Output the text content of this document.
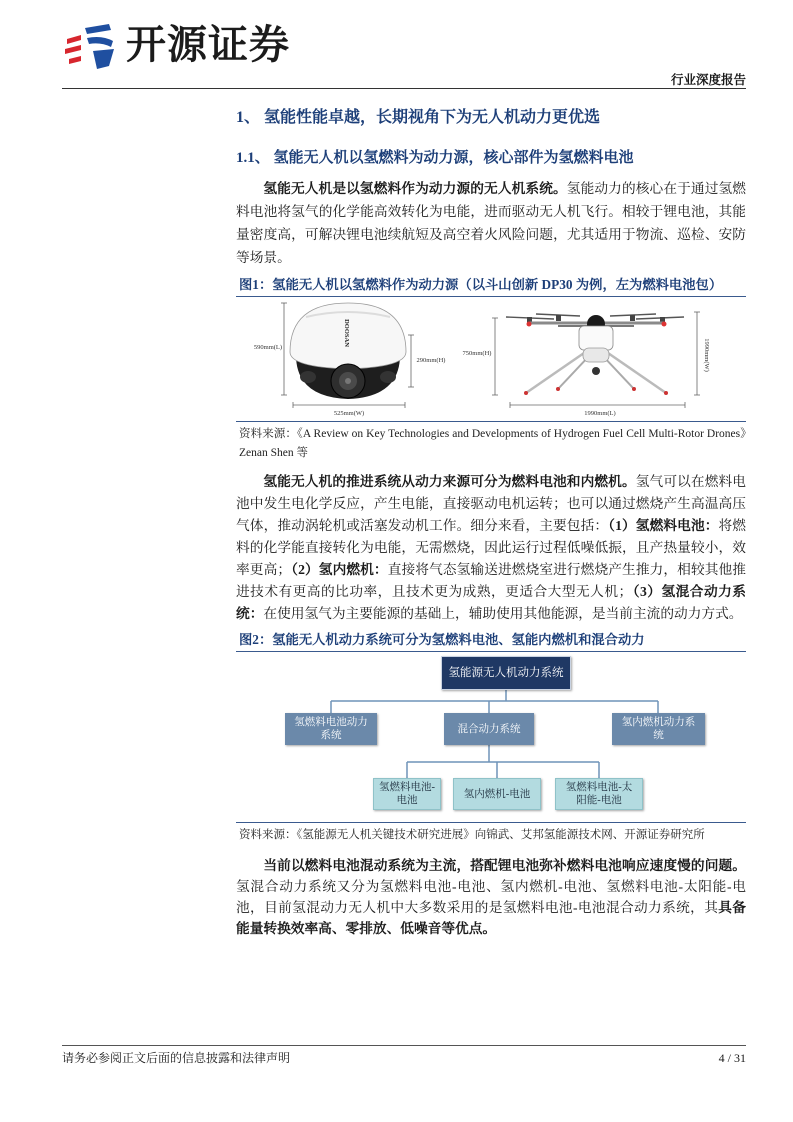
开源证券
行业深度报告
1、 氢能性能卓越，长期视角下为无人机动力更优选
1.1、 氢能无人机以氢燃料为动力源，核心部件为氢燃料电池

氢能无人机是以氢燃料作为动力源的无人机系统。氢能动力的核心在于通过氢燃料电池将氢气的化学能高效转化为电能，进而驱动无人机飞行。相较于锂电池，其能量密度高，可解决锂电池续航短及高空着火风险问题，尤其适用于物流、巡检、安防等场景。

图1：氢能无人机以氢燃料作为动力源（以斗山创新 DP30 为例，左为燃料电池包）
590mm(L)
DOOSAN
290mm(H)
525mm(W)
750mm(H)	1990mm(W)
1990mm(L)
资料来源：《A Review on Key Technologies and Developments of Hydrogen Fuel Cell Multi-Rotor Drones》Zenan Shen 等

氢能无人机的推进系统从动力来源可分为燃料电池和内燃机。氢气可以在燃料电池中发生电化学反应，产生电能，直接驱动电机运转；也可以通过燃烧产生高温高压气体，推动涡轮机或活塞发动机工作。细分来看，主要包括：（1）氢燃料电池：将燃料的化学能直接转化为电能，无需燃烧，因此运行过程低噪低振，且产热量较小，效率更高；（2）氢内燃机：直接将气态氢输送进燃烧室进行燃烧产生推力，相较其他推进技术有更高的比功率，且技术更为成熟，更适合大型无人机；（3）氢混合动力系统：在使用氢气为主要能源的基础上，辅助使用其他能源，是当前主流的动力方式。

图2：氢能无人机动力系统可分为氢燃料电池、氢能内燃机和混合动力
氢能源无人机动力系统
氢燃料电池动力系统
混合动力系统
氢内燃机动力系统
氢燃料电池-电池
氢内燃机-电池
氢燃料电池-太阳能-电池
资料来源：《氢能源无人机关键技术研究进展》向锦武、艾邦氢能源技术网、开源证券研究所

当前以燃料电池混动系统为主流，搭配锂电池弥补燃料电池响应速度慢的问题。氢混合动力系统又分为氢燃料电池-电池、氢内燃机-电池、氢燃料电池-太阳能-电池，目前氢混动力无人机中大多数采用的是氢燃料电池-电池混合动力系统，其具备能量转换效率高、零排放、低噪音等优点。

请务必参阅正文后面的信息披露和法律声明	4 / 31
